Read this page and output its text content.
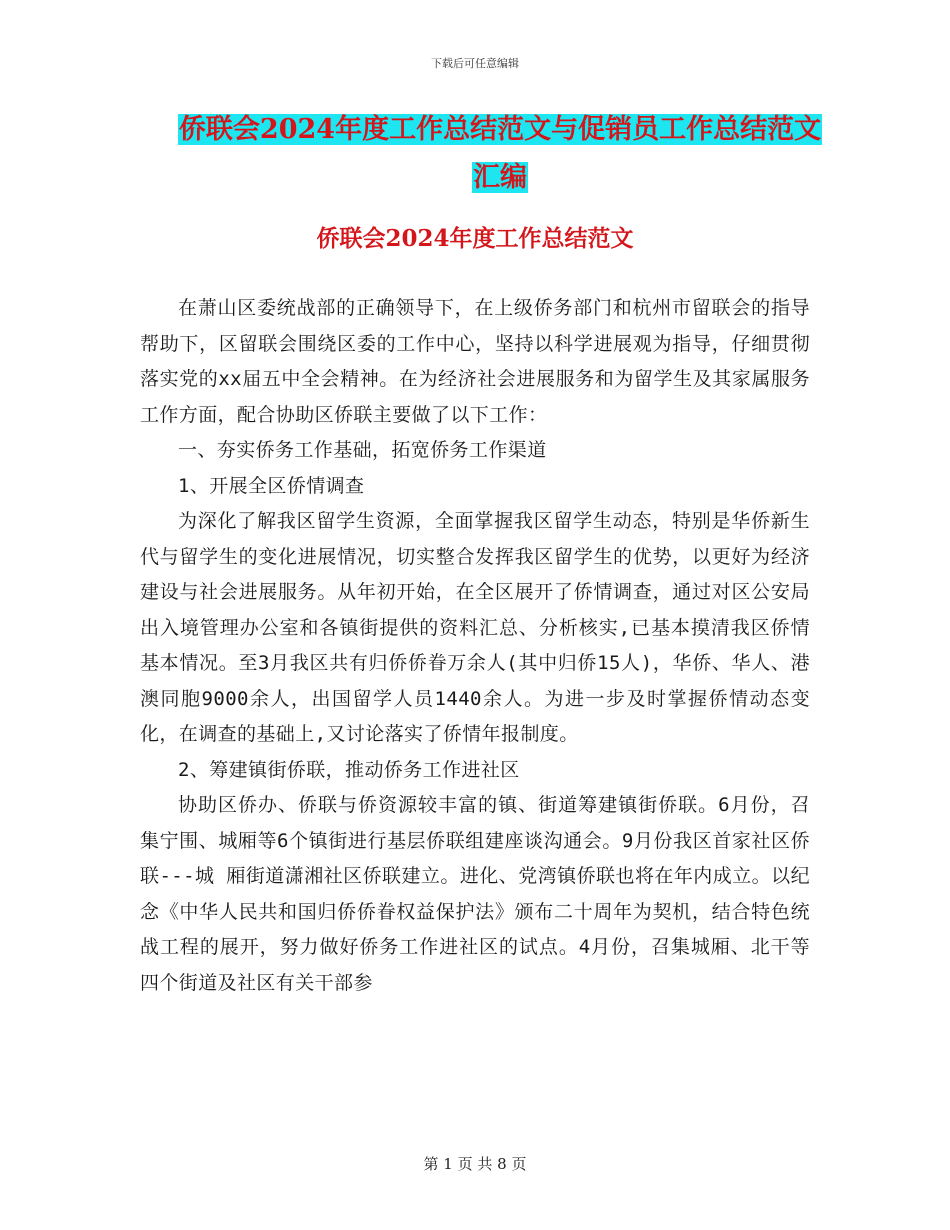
下载后可任意编辑
侨联会2024年度工作总结范文与促销员工作总结范文
汇编
侨联会2024年度工作总结范文

在萧山区委统战部的正确领导下，在上级侨务部门和杭州市留联会的指导帮助下，区留联会围绕区委的工作中心，坚持以科学进展观为指导，仔细贯彻落实党的xx届五中全会精神。在为经济社会进展服务和为留学生及其家属服务工作方面，配合协助区侨联主要做了以下工作：

一、夯实侨务工作基础，拓宽侨务工作渠道

1、开展全区侨情调查

为深化了解我区留学生资源，全面掌握我区留学生动态，特别是华侨新生代与留学生的变化进展情况，切实整合发挥我区留学生的优势，以更好为经济建设与社会进展服务。从年初开始，在全区展开了侨情调查，通过对区公安局出入境管理办公室和各镇街提供的资料汇总、分析核实,已基本摸清我区侨情基本情况。至3月我区共有归侨侨眷万余人(其中归侨15人)，华侨、华人、港澳同胞9000余人，出国留学人员1440余人。为进一步及时掌握侨情动态变化，在调查的基础上,又讨论落实了侨情年报制度。

2、筹建镇街侨联，推动侨务工作进社区

协助区侨办、侨联与侨资源较丰富的镇、街道筹建镇街侨联。6月份，召集宁围、城厢等6个镇街进行基层侨联组建座谈沟通会。9月份我区首家社区侨联---城 厢街道潇湘社区侨联建立。进化、党湾镇侨联也将在年内成立。以纪念《中华人民共和国归侨侨眷权益保护法》颁布二十周年为契机，结合特色统战工程的展开，努力做好侨务工作进社区的试点。4月份，召集城厢、北干等四个街道及社区有关干部参

第 1 页 共 8 页
